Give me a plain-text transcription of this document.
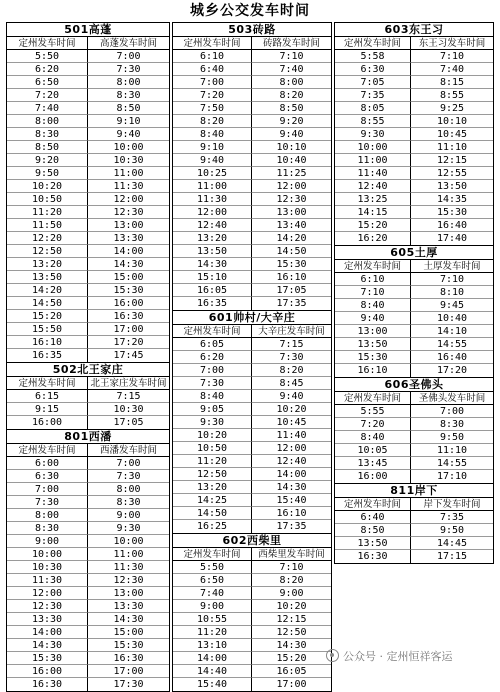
城乡公交发车时间
501高蓬
定州发车时间	高蓬发车时间
5:50	7:00
6:20	7:30
6:50	8:00
7:20	8:30
7:40	8:50
8:00	9:10
8:30	9:40
8:50	10:00
9:20	10:30
9:50	11:00
10:20	11:30
10:50	12:00
11:20	12:30
11:50	13:00
12:20	13:30
12:50	14:00
13:20	14:30
13:50	15:00
14:20	15:30
14:50	16:00
15:20	16:30
15:50	17:00
16:10	17:20
16:35	17:45
502北王家庄
定州发车时间	北王家庄发车时间
6:15	7:15
9:15	10:30
16:00	17:05
801西潘
定州发车时间	西潘发车时间
6:00	7:00
6:30	7:30
7:00	8:00
7:30	8:30
8:00	9:00
8:30	9:30
9:00	10:00
10:00	11:00
10:30	11:30
11:30	12:30
12:00	13:00
12:30	13:30
13:30	14:30
14:00	15:00
14:30	15:30
15:30	16:30
16:00	17:00
16:30	17:30
503砖路
定州发车时间	砖路发车时间
6:10	7:10
6:40	7:40
7:00	8:00
7:20	8:20
7:50	8:50
8:20	9:20
8:40	9:40
9:10	10:10
9:40	10:40
10:25	11:25
11:00	12:00
11:30	12:30
12:00	13:00
12:40	13:40
13:20	14:20
13:50	14:50
14:30	15:30
15:10	16:10
16:05	17:05
16:35	17:35
601帅村/大辛庄
定州发车时间	大辛庄发车时间
6:05	7:15
6:20	7:30
7:00	8:20
7:30	8:45
8:40	9:40
9:05	10:20
9:30	10:45
10:20	11:40
10:50	12:00
11:20	12:40
12:50	14:00
13:20	14:30
14:25	15:40
14:50	16:10
16:25	17:35
602西柴里
定州发车时间	西柴里发车时间
5:50	7:10
6:50	8:20
7:40	9:00
9:00	10:20
10:55	12:15
11:20	12:50
13:10	14:30
14:00	15:20
14:40	16:05
15:40	17:00
603东王习
定州发车时间	东王习发车时间
5:58	7:10
6:30	7:40
7:05	8:15
7:35	8:55
8:05	9:25
8:55	10:10
9:30	10:45
10:00	11:10
11:00	12:15
11:40	12:55
12:40	13:50
13:25	14:35
14:15	15:30
15:20	16:40
16:20	17:40
605土厚
定州发车时间	土厚发车时间
6:10	7:10
7:10	8:10
8:40	9:45
9:40	10:40
13:00	14:10
13:50	14:55
15:30	16:40
16:10	17:20
606圣佛头
定州发车时间	圣佛头发车时间
5:55	7:00
7:20	8:30
8:40	9:50
10:05	11:10
13:45	14:55
16:00	17:10
811岸下
定州发车时间	岸下发车时间
6:40	7:35
8:50	9:50
13:50	14:45
16:30	17:15
公众号 · 定州恒祥客运
